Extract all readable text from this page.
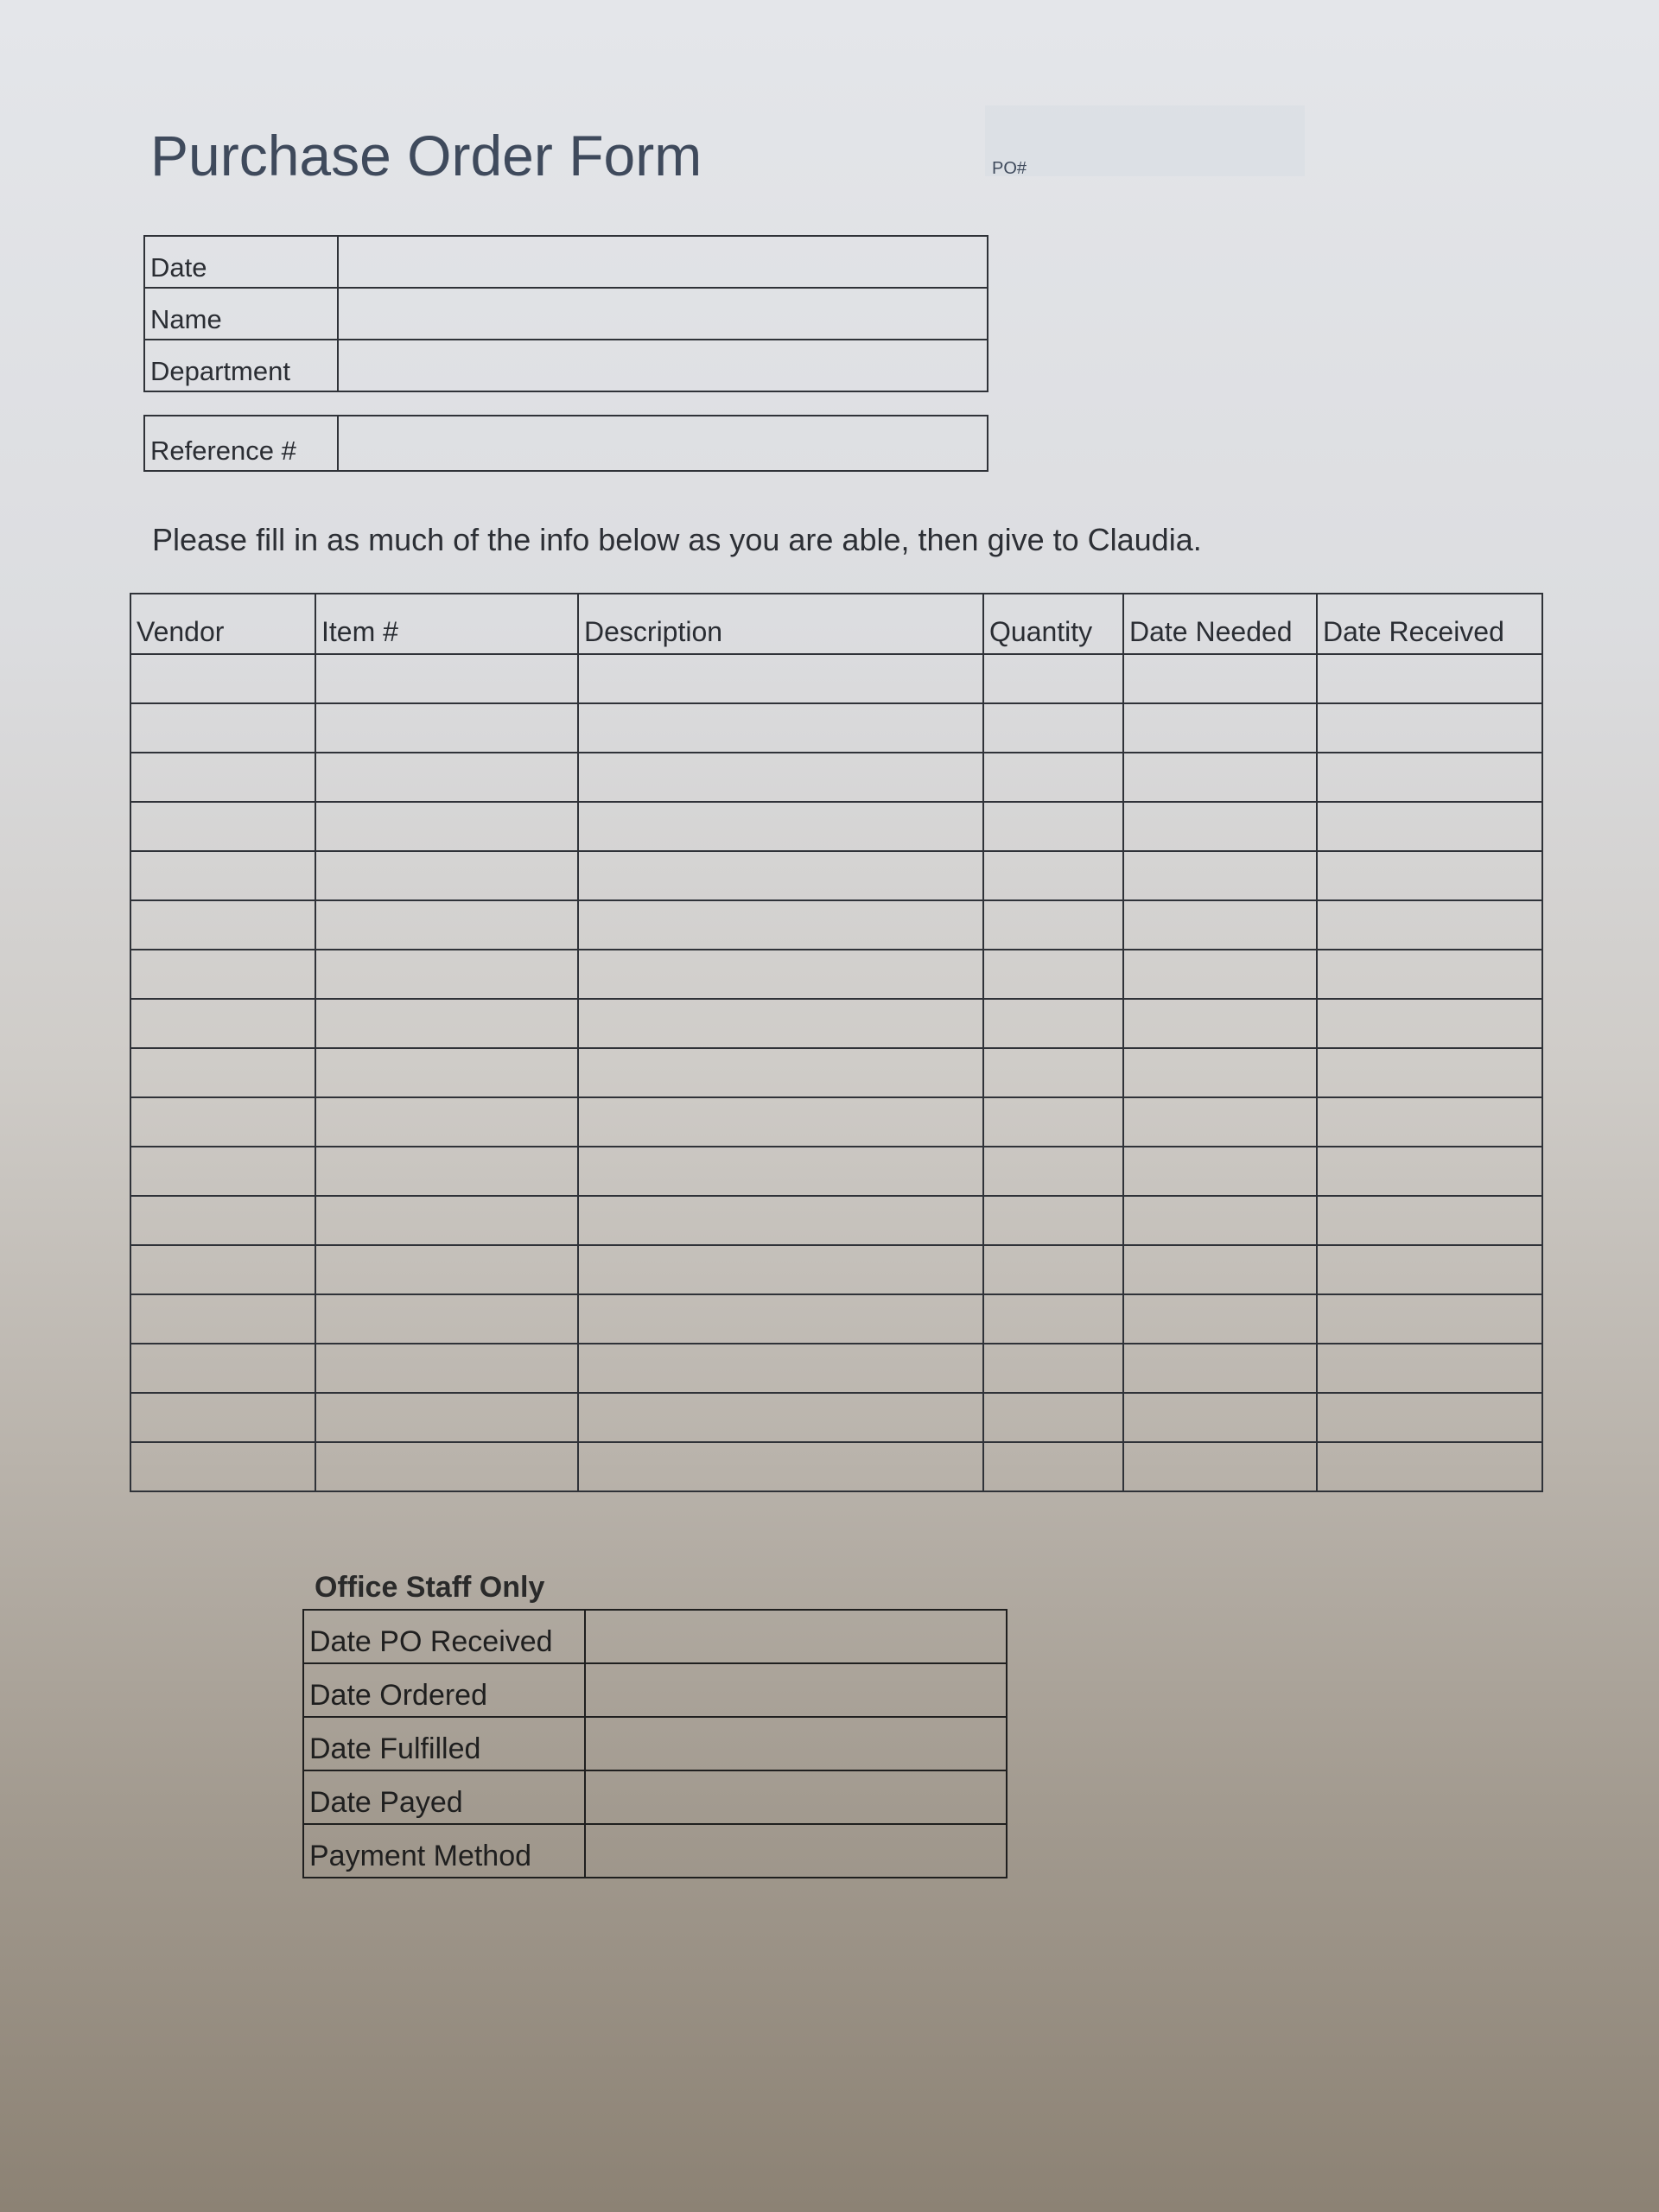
Purchase Order Form	PO#
Date	
Name	
Department	
Reference #	
Please fill in as much of the info below as you are able, then give to Claudia.
Vendor	Item #	Description	Quantity	Date Needed	Date Received

Office Staff Only
Date PO Received	
Date Ordered	
Date Fulfilled	
Date Payed	
Payment Method	
